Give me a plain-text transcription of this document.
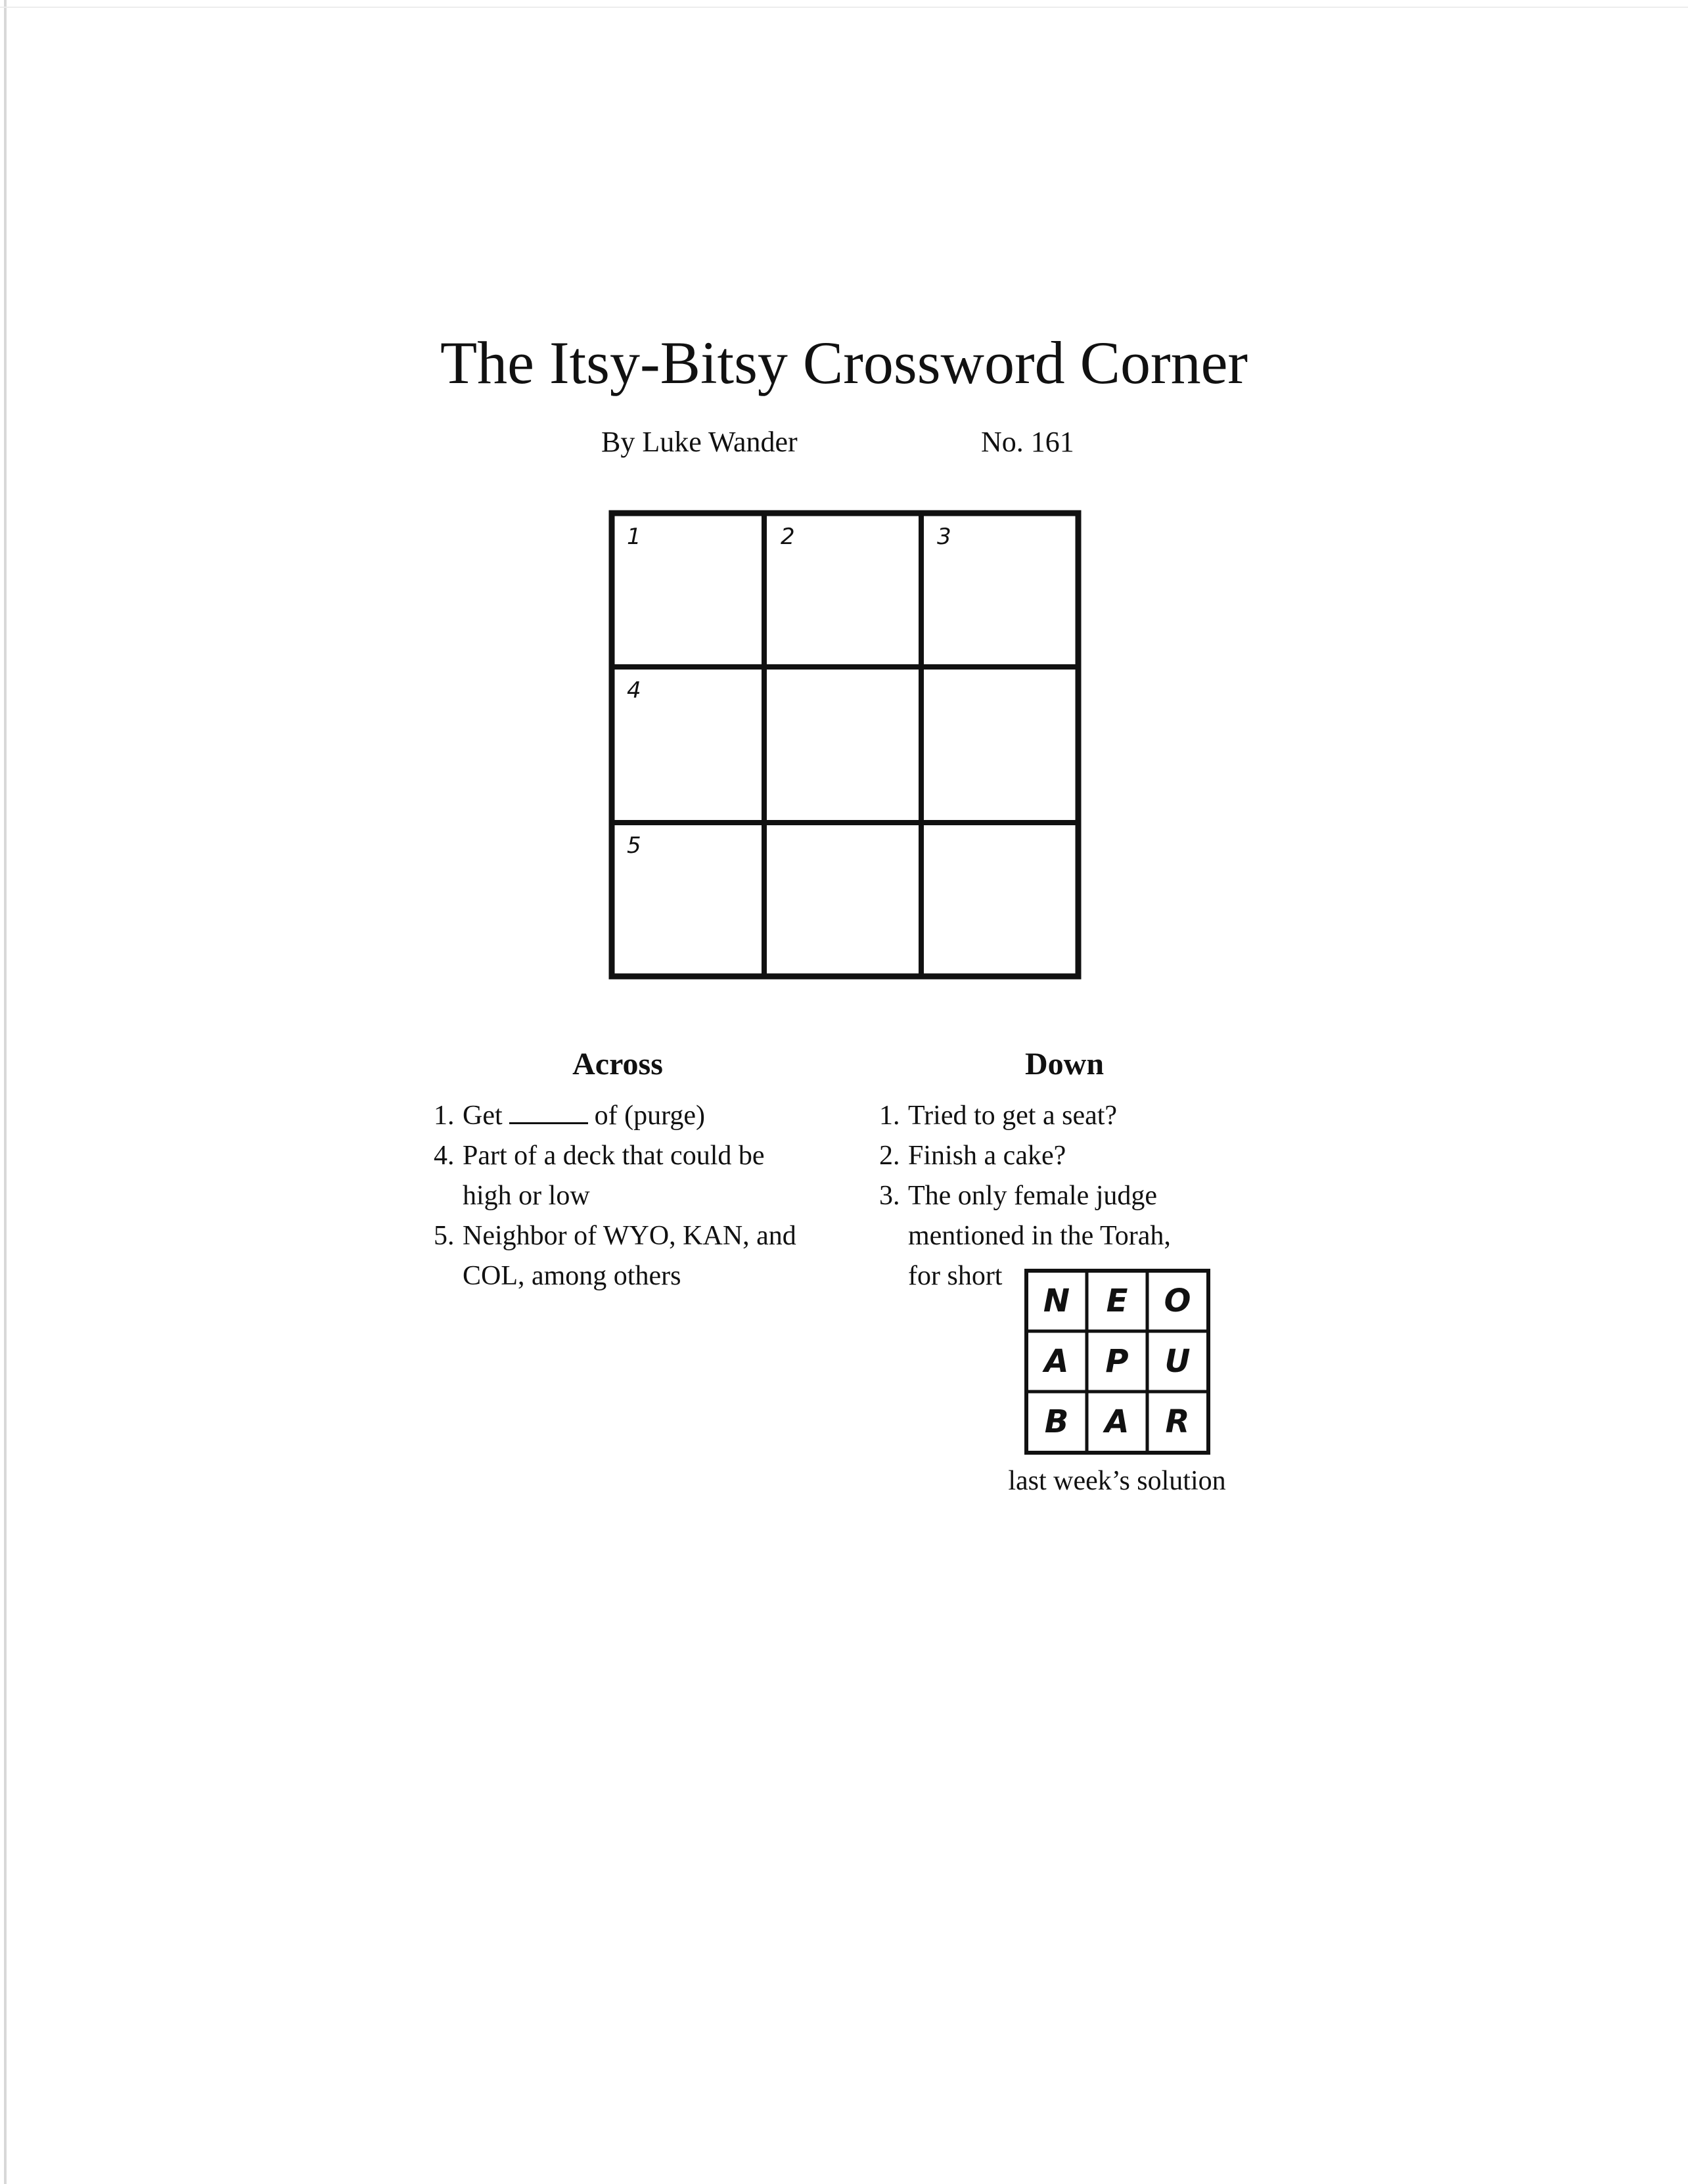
The Itsy-Bitsy Crossword Corner
By Luke Wander	No. 161
1	2	3
4
5
Across	Down
1. Get	of (purge)
4. Part of a deck that could be high or low
5. Neighbor of WYO, KAN, and COL, among others
1. Tried to get a seat?
2. Finish a cake?
3. The only female judge mentioned in the Torah, for short
N E O
A P U
B A R
last week’s solution
